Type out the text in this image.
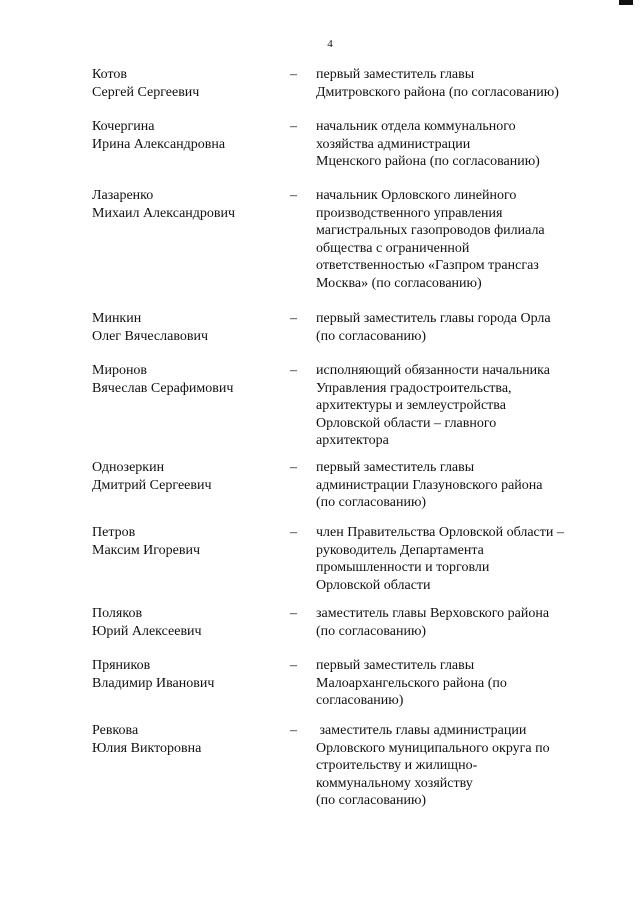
4
Котов
Сергей Сергеевич
– первый заместитель главы
Дмитровского района (по согласованию)
Кочергина
Ирина Александровна
– начальник отдела коммунального
хозяйства администрации
Мценского района (по согласованию)
Лазаренко
Михаил Александрович
– начальник Орловского линейного
производственного управления
магистральных газопроводов филиала
общества с ограниченной
ответственностью «Газпром трансгаз
Москва» (по согласованию)
Минкин
Олег Вячеславович
– первый заместитель главы города Орла
(по согласованию)
Миронов
Вячеслав Серафимович
– исполняющий обязанности начальника
Управления градостроительства,
архитектуры и землеустройства
Орловской области – главного
архитектора
Однозеркин
Дмитрий Сергеевич
– первый заместитель главы
администрации Глазуновского района
(по согласованию)
Петров
Максим Игоревич
– член Правительства Орловской области –
руководитель Департамента
промышленности и торговли
Орловской области
Поляков
Юрий Алексеевич
– заместитель главы Верховского района
(по согласованию)
Пряников
Владимир Иванович
– первый заместитель главы
Малоархангельского района (по
согласованию)
Ревкова
Юлия Викторовна
– заместитель главы администрации
Орловского муниципального округа по
строительству и жилищно-
коммунальному хозяйству
(по согласованию)
